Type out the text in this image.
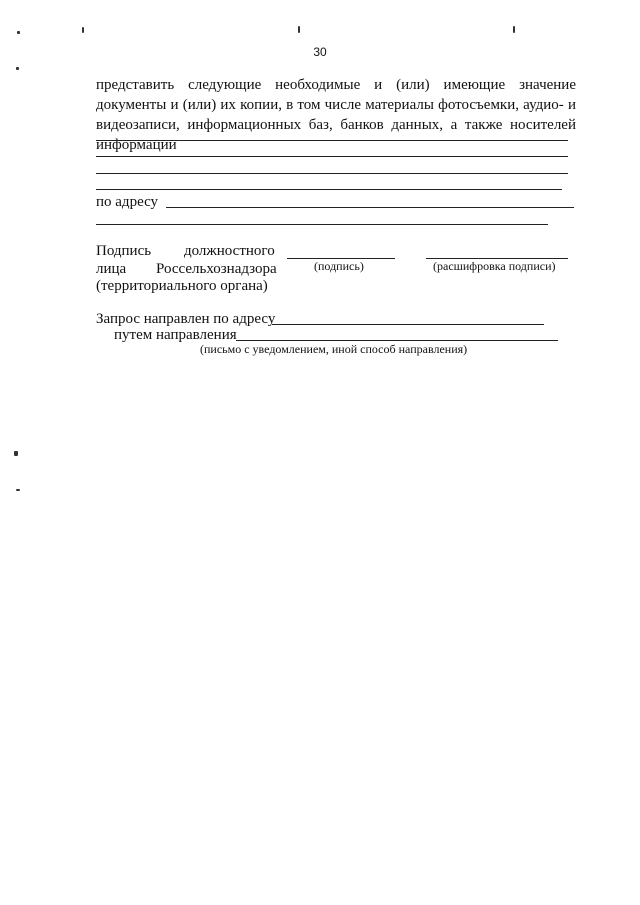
30
представить следующие необходимые и (или) имеющие значение документы и (или) их копии, в том числе материалы фотосъемки, аудио- и видеозаписи, информационных баз, банков данных, а также носителей информации
по адресу
Подпись должностного
лица Россельхознадзора
(территориального органа)
(подпись)	(расшифровка подписи)
Запрос направлен по адресу
путем направления
(письмо с уведомлением, иной способ направления)
